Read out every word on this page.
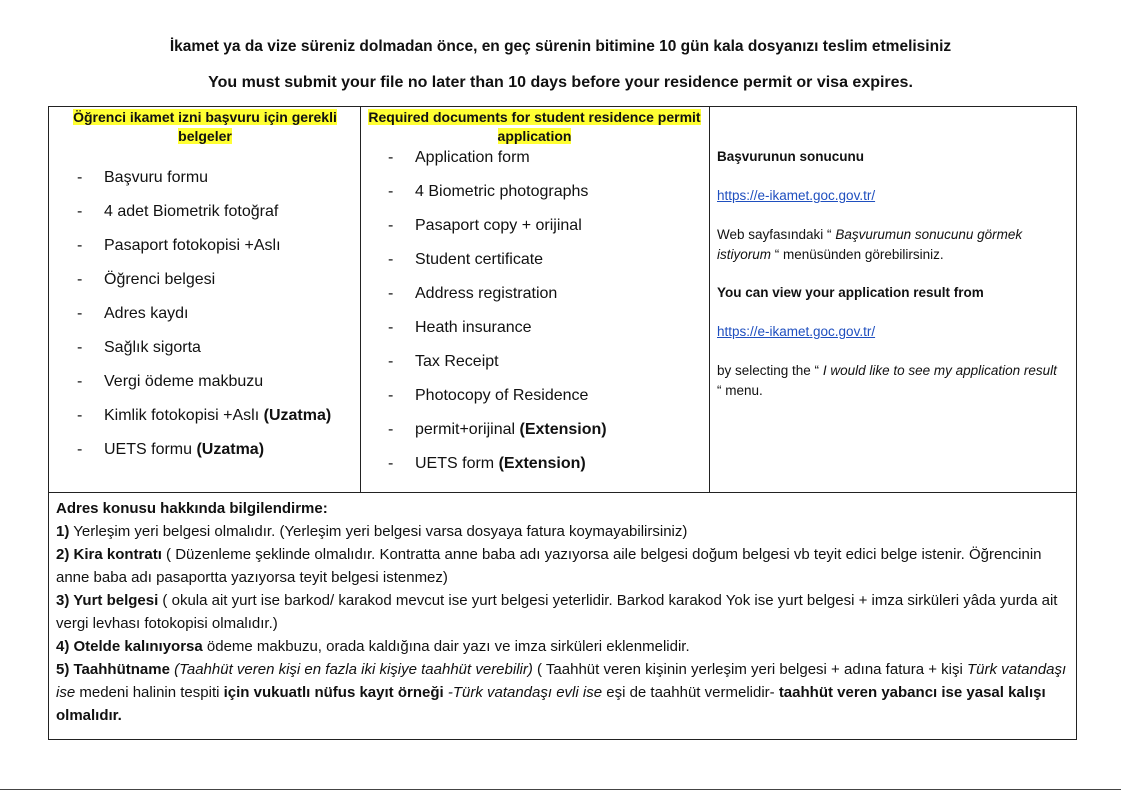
İkamet ya da vize süreniz dolmadan önce, en geç sürenin bitimine 10 gün kala dosyanızı teslim etmelisiniz
You must submit your file no later than 10 days before your residence permit or visa expires.
Öğrenci ikamet izni başvuru için gerekli belgeler
- Başvuru formu
- 4 adet Biometrik fotoğraf
- Pasaport fotokopisi +Aslı
- Öğrenci belgesi
- Adres kaydı
- Sağlık sigorta
- Vergi ödeme makbuzu
- Kimlik fotokopisi +Aslı (Uzatma)
- UETS formu (Uzatma)
Required documents for student residence permit application
- Application form
- 4 Biometric photographs
- Pasaport copy + orijinal
- Student certificate
- Address registration
- Heath insurance
- Tax Receipt
- Photocopy of Residence
- permit+orijinal (Extension)
- UETS form (Extension)
Başvurunun sonucunu
https://e-ikamet.goc.gov.tr/
Web sayfasındaki “ Başvurumun sonucunu görmek istiyorum “ menüsünden görebilirsiniz.
You can view your application result from
https://e-ikamet.goc.gov.tr/
by selecting the “ I would like to see my application result “ menu.

Adres konusu hakkında bilgilendirme:

1) Yerleşim yeri belgesi olmalıdır. (Yerleşim yeri belgesi varsa dosyaya fatura koymayabilirsiniz)

2) Kira kontratı ( Düzenleme şeklinde olmalıdır. Kontratta anne baba adı yazıyorsa aile belgesi doğum belgesi vb teyit edici belge istenir. Öğrencinin anne baba adı pasaportta yazıyorsa teyit belgesi istenmez)

3) Yurt belgesi ( okula ait yurt ise barkod/ karakod mevcut ise yurt belgesi yeterlidir. Barkod karakod Yok ise yurt belgesi + imza sirküleri yâda yurda ait vergi levhası fotokopisi olmalıdır.)

4) Otelde kalınıyorsa ödeme makbuzu, orada kaldığına dair yazı ve imza sirküleri eklenmelidir.

5) Taahhütname (Taahhüt veren kişi en fazla iki kişiye taahhüt verebilir) ( Taahhüt veren kişinin yerleşim yeri belgesi + adına fatura + kişi Türk vatandaşı ise medeni halinin tespiti için vukuatlı nüfus kayıt örneği -Türk vatandaşı evli ise eşi de taahhüt vermelidir- taahhüt veren yabancı ise yasal kalışı olmalıdır.
